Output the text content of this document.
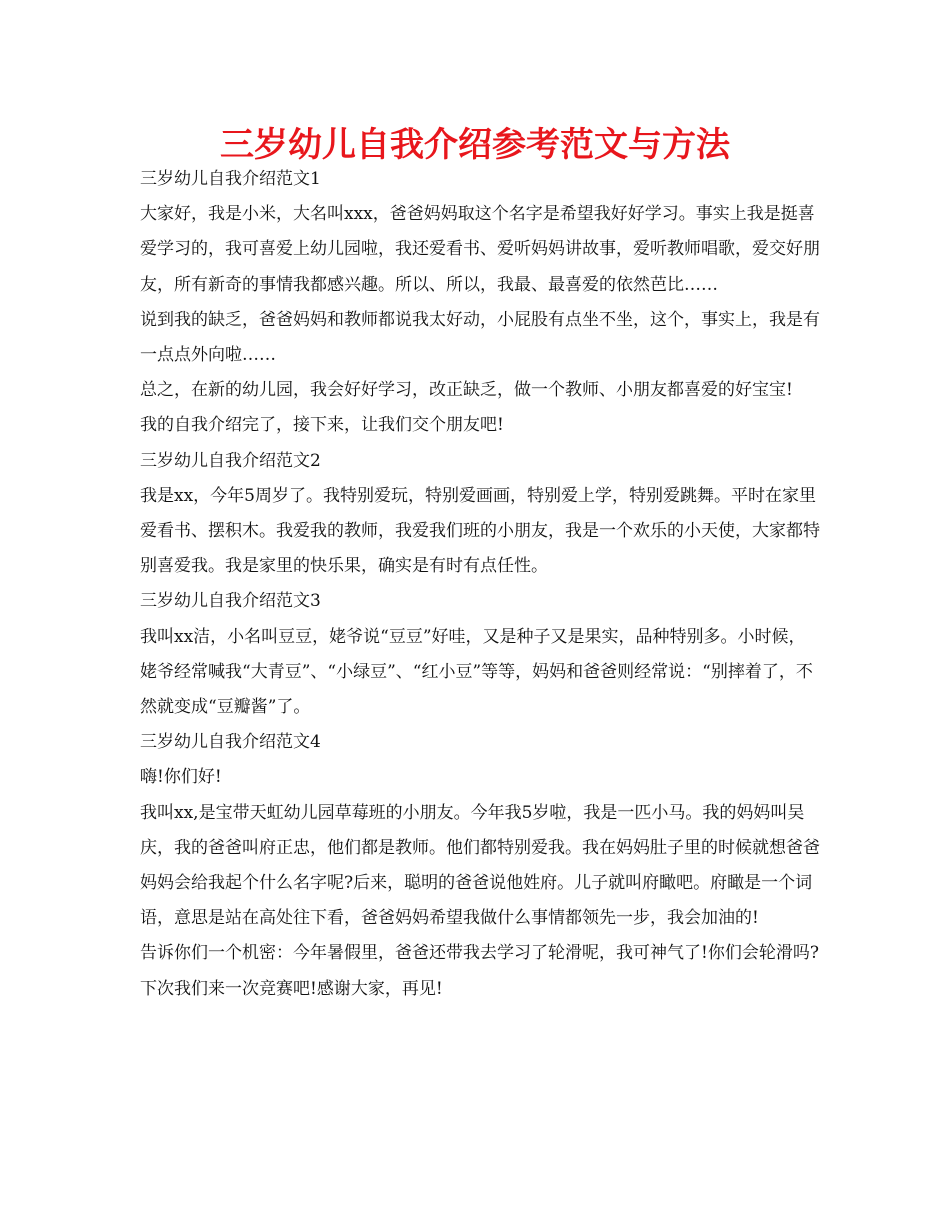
三岁幼儿自我介绍参考范文与方法

三岁幼儿自我介绍范文1

大家好，我是小米，大名叫xxx，爸爸妈妈取这个名字是希望我好好学习。事实上我是挺喜爱学习的，我可喜爱上幼儿园啦，我还爱看书、爱听妈妈讲故事，爱听教师唱歌，爱交好朋友，所有新奇的事情我都感兴趣。所以、所以，我最、最喜爱的依然芭比……

说到我的缺乏，爸爸妈妈和教师都说我太好动，小屁股有点坐不坐，这个，事实上，我是有一点点外向啦……

总之，在新的幼儿园，我会好好学习，改正缺乏，做一个教师、小朋友都喜爱的好宝宝!

我的自我介绍完了，接下来，让我们交个朋友吧!

三岁幼儿自我介绍范文2

我是xx，今年5周岁了。我特别爱玩，特别爱画画，特别爱上学，特别爱跳舞。平时在家里爱看书、摆积木。我爱我的教师，我爱我们班的小朋友，我是一个欢乐的小天使，大家都特别喜爱我。我是家里的快乐果，确实是有时有点任性。

三岁幼儿自我介绍范文3

我叫xx洁，小名叫豆豆，姥爷说“豆豆”好哇，又是种子又是果实，品种特别多。小时候，姥爷经常喊我“大青豆”、“小绿豆”、“红小豆”等等，妈妈和爸爸则经常说：“别摔着了，不然就变成“豆瓣酱”了。

三岁幼儿自我介绍范文4

嗨!你们好!

我叫xx,是宝带天虹幼儿园草莓班的小朋友。今年我5岁啦，我是一匹小马。我的妈妈叫吴庆，我的爸爸叫府正忠，他们都是教师。他们都特别爱我。我在妈妈肚子里的时候就想爸爸妈妈会给我起个什么名字呢?后来，聪明的爸爸说他姓府。儿子就叫府瞰吧。府瞰是一个词语，意思是站在高处往下看，爸爸妈妈希望我做什么事情都领先一步，我会加油的!

告诉你们一个机密：今年暑假里，爸爸还带我去学习了轮滑呢，我可神气了!你们会轮滑吗?下次我们来一次竞赛吧!感谢大家，再见!
